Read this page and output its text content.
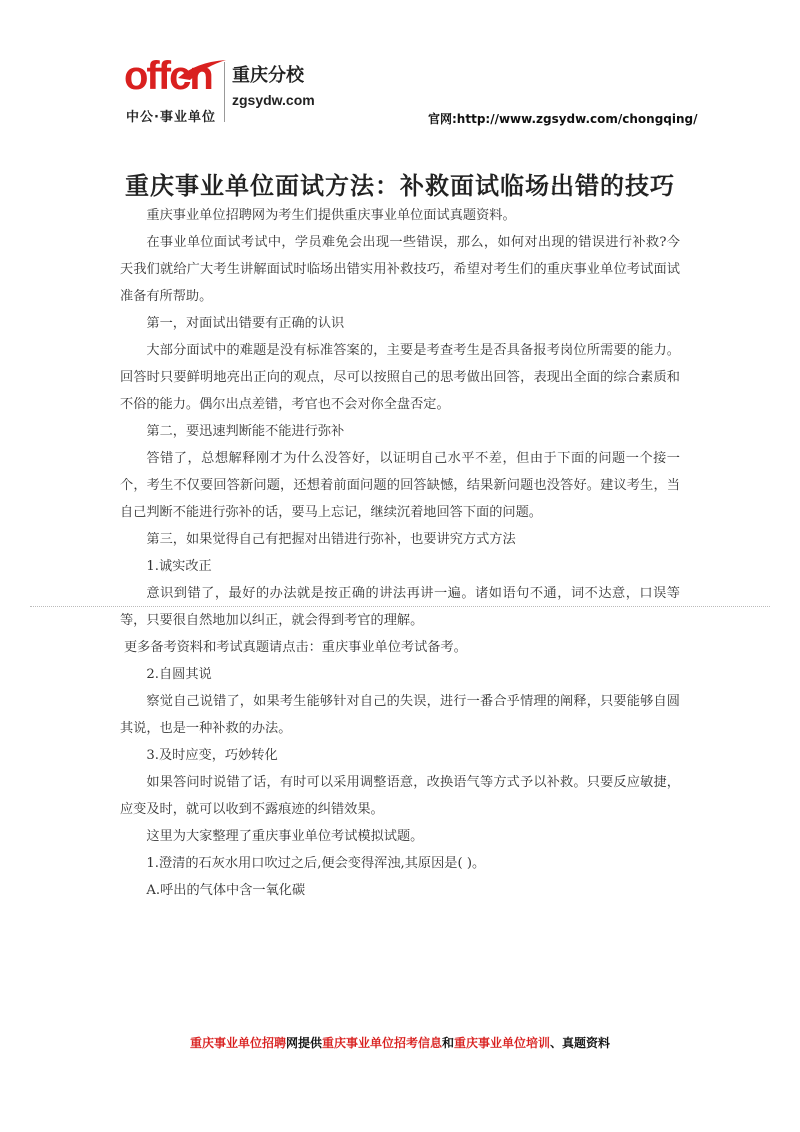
offcn
中公·事业单位
重庆分校
zgsydw.com
官网:http://www.zgsydw.com/chongqing/
重庆事业单位面试方法：补救面试临场出错的技巧

重庆事业单位招聘网为考生们提供重庆事业单位面试真题资料。

在事业单位面试考试中，学员难免会出现一些错误，那么，如何对出现的错误进行补救?今天我们就给广大考生讲解面试时临场出错实用补救技巧，希望对考生们的重庆事业单位考试面试准备有所帮助。

第一，对面试出错要有正确的认识

大部分面试中的难题是没有标准答案的，主要是考查考生是否具备报考岗位所需要的能力。回答时只要鲜明地亮出正向的观点，尽可以按照自己的思考做出回答，表现出全面的综合素质和不俗的能力。偶尔出点差错，考官也不会对你全盘否定。

第二，要迅速判断能不能进行弥补

答错了，总想解释刚才为什么没答好，以证明自己水平不差，但由于下面的问题一个接一个，考生不仅要回答新问题，还想着前面问题的回答缺憾，结果新问题也没答好。建议考生，当自己判断不能进行弥补的话，要马上忘记，继续沉着地回答下面的问题。

第三，如果觉得自己有把握对出错进行弥补，也要讲究方式方法

1.诚实改正

意识到错了，最好的办法就是按正确的讲法再讲一遍。诸如语句不通，词不达意，口误等等，只要很自然地加以纠正，就会得到考官的理解。

更多备考资料和考试真题请点击：重庆事业单位考试备考。

2.自圆其说

察觉自己说错了，如果考生能够针对自己的失误，进行一番合乎情理的阐释，只要能够自圆其说，也是一种补救的办法。

3.及时应变，巧妙转化

如果答问时说错了话，有时可以采用调整语意，改换语气等方式予以补救。只要反应敏捷，应变及时，就可以收到不露痕迹的纠错效果。

这里为大家整理了重庆事业单位考试模拟试题。

1.澄清的石灰水用口吹过之后,便会变得浑浊,其原因是( )。

A.呼出的气体中含一氧化碳

重庆事业单位招聘网提供重庆事业单位招考信息和重庆事业单位培训、真题资料
